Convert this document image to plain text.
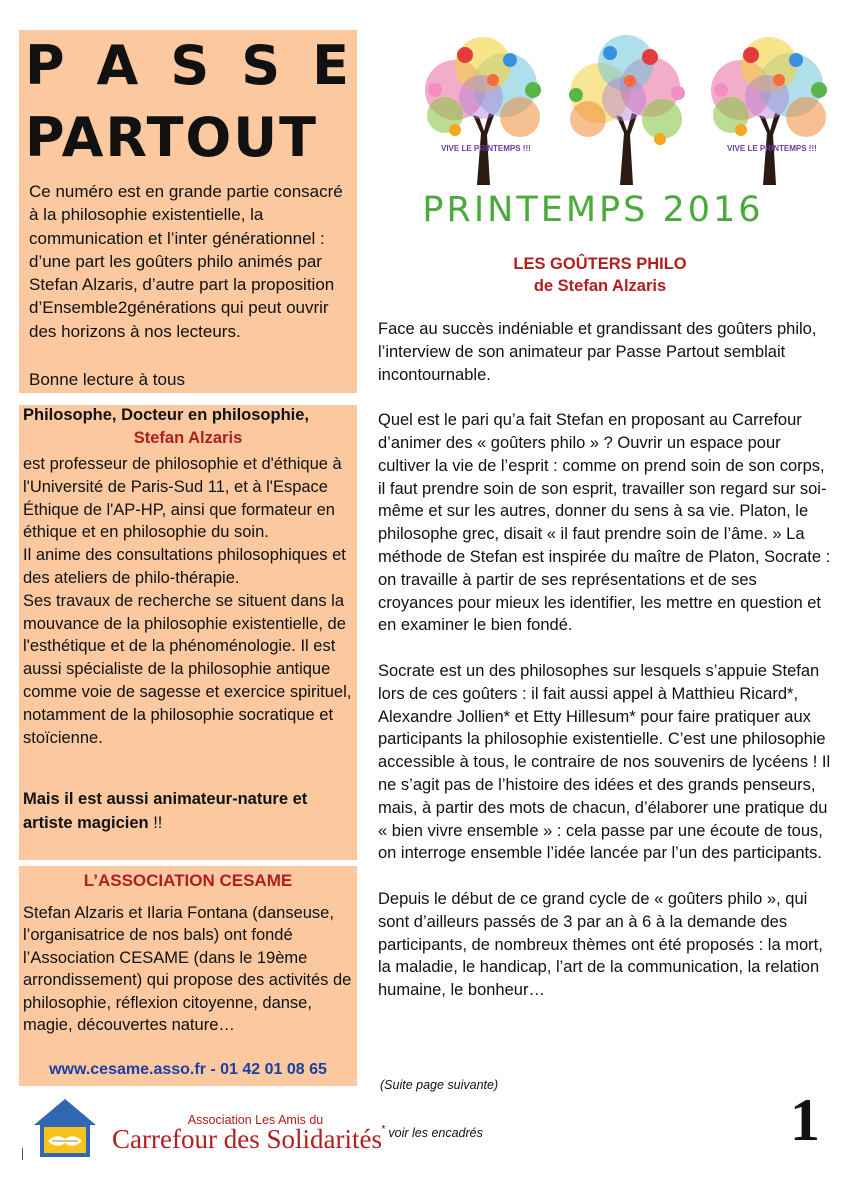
P A S S E
PARTOUT
Ce numéro est en grande partie consacré à la philosophie existentielle, la communication et l’inter générationnel : d’une part les goûters philo animés par Stefan Alzaris, d’autre part la proposition d’Ensemble2générations qui peut ouvrir des horizons à nos lecteurs.
Bonne lecture à tous
Philosophe, Docteur en philosophie,
Stefan Alzaris
est professeur de philosophie et d'éthique à l'Université de Paris-Sud 11, et à l'Espace Éthique de l'AP-HP, ainsi que formateur en éthique et en philosophie du soin.
Il anime des consultations philosophiques et des ateliers de philo-thérapie.
Ses travaux de recherche se situent dans la mouvance de la philosophie existentielle, de l'esthétique et de la phénoménologie. Il est aussi spécialiste de la philosophie antique comme voie de sagesse et exercice spirituel, notamment de la philosophie socratique et stoïcienne.
Mais il est aussi animateur-nature et artiste magicien !!
L’ASSOCIATION CESAME
Stefan Alzaris et Ilaria Fontana (danseuse, l’organisatrice de nos bals) ont fondé l’Association CESAME (dans le 19ème arrondissement) qui propose des activités de philosophie, réflexion citoyenne, danse, magie, découvertes nature…
www.cesame.asso.fr - 01 42 01 08 65
VIVE LE PRINTEMPS !!!	VIVE LE PRINTEMPS !!!
PRINTEMPS 2016
LES GOÛTERS PHILO
de Stefan Alzaris

Face au succès indéniable et grandissant des goûters philo, l’interview de son animateur par Passe Partout semblait incontournable.

Quel est le pari qu’a fait Stefan en proposant au Carrefour d’animer des « goûters philo » ? Ouvrir un espace pour cultiver la vie de l’esprit : comme on prend soin de son corps, il faut prendre soin de son esprit, travailler son regard sur soi-même et sur les autres, donner du sens à sa vie. Platon, le philosophe grec, disait « il faut prendre soin de l’âme. » La méthode de Stefan est inspirée du maître de Platon, Socrate : on travaille à partir de ses représentations et de ses croyances pour mieux les identifier, les mettre en question et en examiner le bien fondé.

Socrate est un des philosophes sur lesquels s’appuie Stefan lors de ces goûters : il fait aussi appel à Matthieu Ricard*, Alexandre Jollien* et Etty Hillesum* pour faire pratiquer aux participants la philosophie existentielle. C’est une philosophie accessible à tous, le contraire de nos souvenirs de lycéens ! Il ne s’agit pas de l’histoire des idées et des grands penseurs, mais, à partir des mots de chacun, d’élaborer une pratique du « bien vivre ensemble » : cela passe par une écoute de tous, on interroge ensemble l’idée lancée par l’un des participants.

Depuis le début de ce grand cycle de « goûters philo », qui sont d’ailleurs passés de 3 par an à 6 à la demande des participants, de nombreux thèmes ont été proposés : la mort, la maladie, le handicap, l’art de la communication, la relation humaine, le bonheur…

(Suite page suivante)
* voir les encadrés	1
Association Les Amis du
Carrefour des Solidarités
